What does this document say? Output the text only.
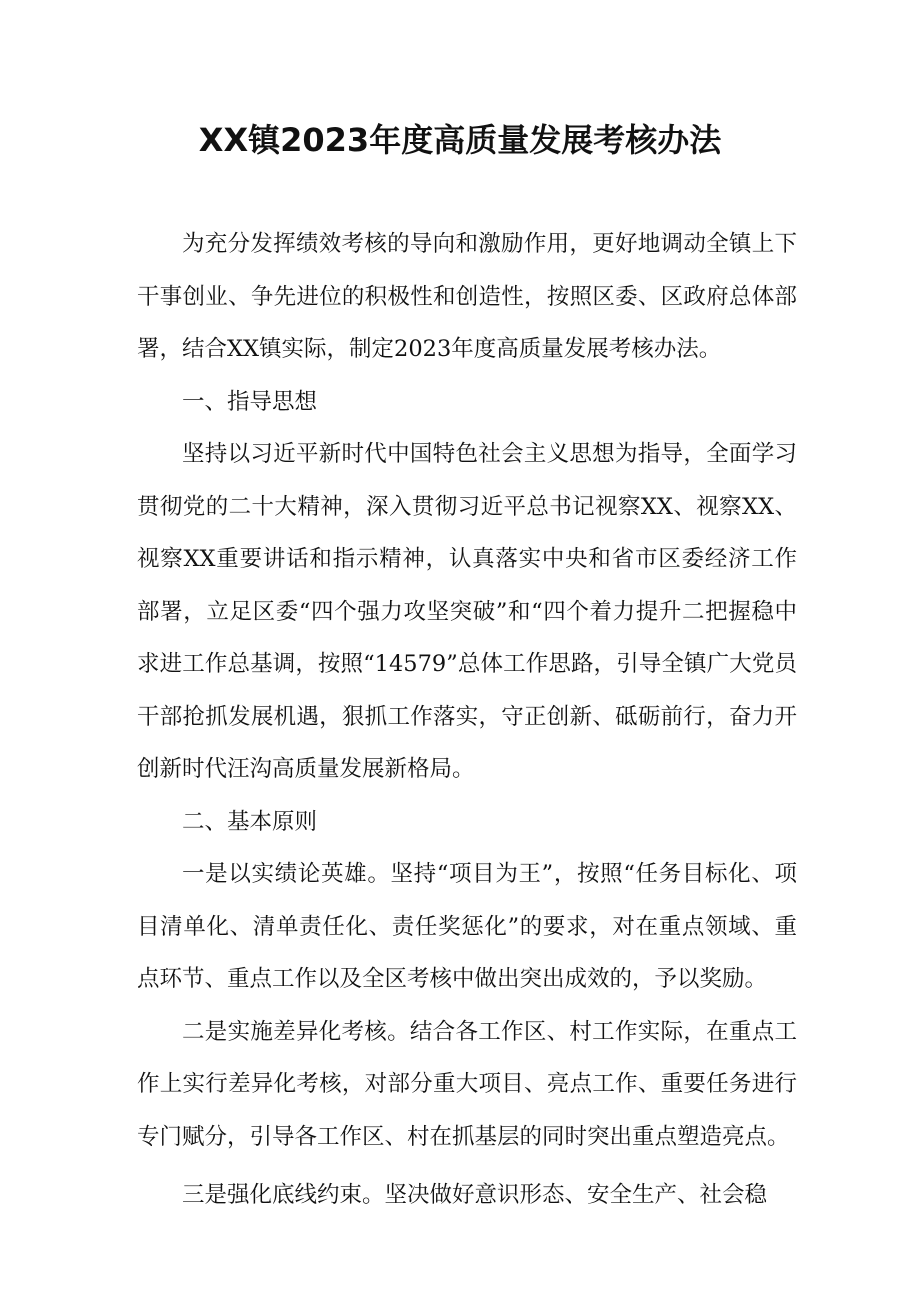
XX镇2023年度高质量发展考核办法

为充分发挥绩效考核的导向和激励作用，更好地调动全镇上下干事创业、争先进位的积极性和创造性，按照区委、区政府总体部署，结合XX镇实际，制定2023年度高质量发展考核办法。

一、指导思想

坚持以习近平新时代中国特色社会主义思想为指导，全面学习贯彻党的二十大精神，深入贯彻习近平总书记视察XX、视察XX、视察XX重要讲话和指示精神，认真落实中央和省市区委经济工作部署，立足区委“四个强力攻坚突破”和“四个着力提升二把握稳中求进工作总基调，按照“14579”总体工作思路，引导全镇广大党员干部抢抓发展机遇，狠抓工作落实，守正创新、砥砺前行，奋力开创新时代汪沟高质量发展新格局。

二、基本原则

一是以实绩论英雄。坚持“项目为王”，按照“任务目标化、项目清单化、清单责任化、责任奖惩化”的要求，对在重点领域、重点环节、重点工作以及全区考核中做出突出成效的，予以奖励。

二是实施差异化考核。结合各工作区、村工作实际，在重点工作上实行差异化考核，对部分重大项目、亮点工作、重要任务进行专门赋分，引导各工作区、村在抓基层的同时突出重点塑造亮点。

三是强化底线约束。坚决做好意识形态、安全生产、社会稳
